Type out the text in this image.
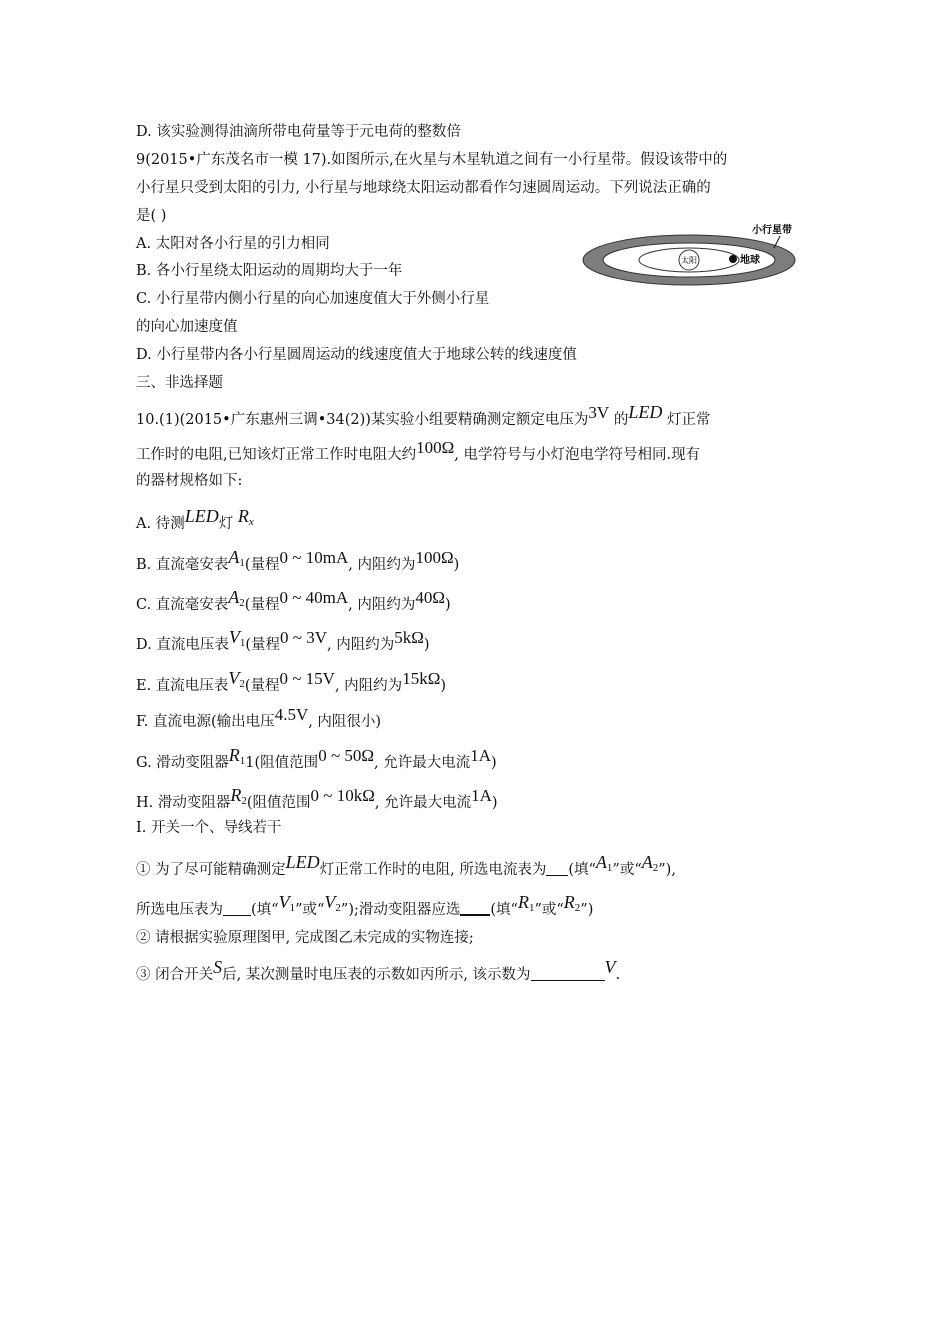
D. 该实验测得油滴所带电荷量等于元电荷的整数倍
9(2015•广东茂名市一模 17).如图所示,在火星与木星轨道之间有一小行星带。假设该带中的
小行星只受到太阳的引力, 小行星与地球绕太阳运动都看作匀速圆周运动。下列说法正确的
是( )
A. 太阳对各小行星的引力相同
B. 各小行星绕太阳运动的周期均大于一年
C. 小行星带内侧小行星的向心加速度值大于外侧小行星
的向心加速度值
D. 小行星带内各小行星圆周运动的线速度值大于地球公转的线速度值
太阳	地球
小行星带
三、非选择题
10.(1)(2015•广东惠州三调•34(2))某实验小组要精确测定额定电压为3V 的LED 灯正常
工作时的电阻,已知该灯正常工作时电阻大约100Ω, 电学符号与小灯泡电学符号相同.现有
的器材规格如下:
A. 待测LED灯 $R_x$
B. 直流毫安表$A_1$(量程0 ~ 10mA, 内阻约为100Ω)
C. 直流毫安表$A_2$(量程0 ~ 40mA, 内阻约为40Ω)
D. 直流电压表$V_1$(量程0 ~ 3V, 内阻约为5kΩ)
E. 直流电压表$V_2$(量程0 ~ 15V, 内阻约为15kΩ)
F. 直流电源(输出电压4.5V, 内阻很小)
G. 滑动变阻器$R_11$(阻值范围0 ~ 50Ω, 允许最大电流1A)
H. 滑动变阻器$R_2$(阻值范围0 ~ 10kΩ, 允许最大电流1A)
I. 开关一个、导线若干
① 为了尽可能精确测定LED灯正常工作时的电阻, 所选电流表为 (填“$A_1$”或“$A_2$”),
所选电压表为 (填“$V_1$”或“$V_2$”);滑动变阻器应选 (填“$R_1$”或“$R_2$”)
② 请根据实验原理图甲, 完成图乙未完成的实物连接;
③ 闭合开关S后, 某次测量时电压表的示数如丙所示, 该示数为	V.
